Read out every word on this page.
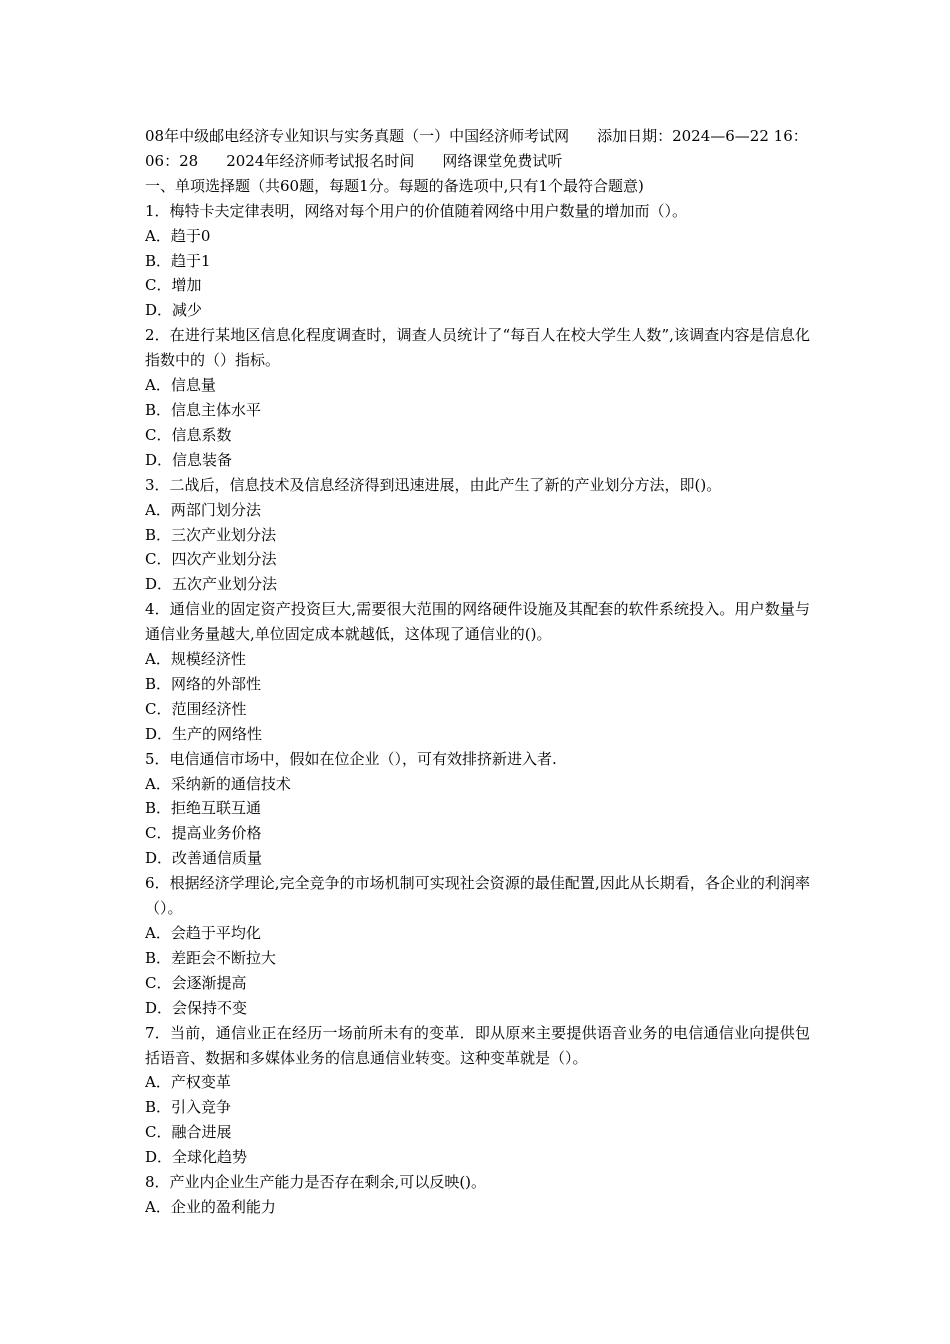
08年中级邮电经济专业知识与实务真题（一）中国经济师考试网 添加日期：2024—6—22 16：06：28 2024年经济师考试报名时间 网络课堂免费试听
一、单项选择题（共60题，每题1分。每题的备选项中,只有1个最符合题意)
1．梅特卡夫定律表明，网络对每个用户的价值随着网络中用户数量的增加而（）。
A．趋于0
B．趋于1
C．增加
D．减少
2．在进行某地区信息化程度调查时，调查人员统计了“每百人在校大学生人数”,该调查内容是信息化指数中的（）指标。
A．信息量
B．信息主体水平
C．信息系数
D．信息装备
3．二战后，信息技术及信息经济得到迅速进展，由此产生了新的产业划分方法，即()。
A．两部门划分法
B．三次产业划分法
C．四次产业划分法
D．五次产业划分法
4．通信业的固定资产投资巨大,需要很大范围的网络硬件设施及其配套的软件系统投入。用户数量与通信业务量越大,单位固定成本就越低，这体现了通信业的()。
A．规模经济性
B．网络的外部性
C．范围经济性
D．生产的网络性
5．电信通信市场中，假如在位企业（），可有效排挤新进入者.
A．采纳新的通信技术
B．拒绝互联互通
C．提高业务价格
D．改善通信质量
6．根据经济学理论,完全竞争的市场机制可实现社会资源的最佳配置,因此从长期看，各企业的利润率（）。
A．会趋于平均化
B．差距会不断拉大
C．会逐渐提高
D．会保持不变
7．当前，通信业正在经历一场前所未有的变革．即从原来主要提供语音业务的电信通信业向提供包括语音、数据和多媒体业务的信息通信业转变。这种变革就是（）。
A．产权变革
B．引入竞争
C．融合进展
D．全球化趋势
8．产业内企业生产能力是否存在剩余,可以反映()。
A．企业的盈利能力
